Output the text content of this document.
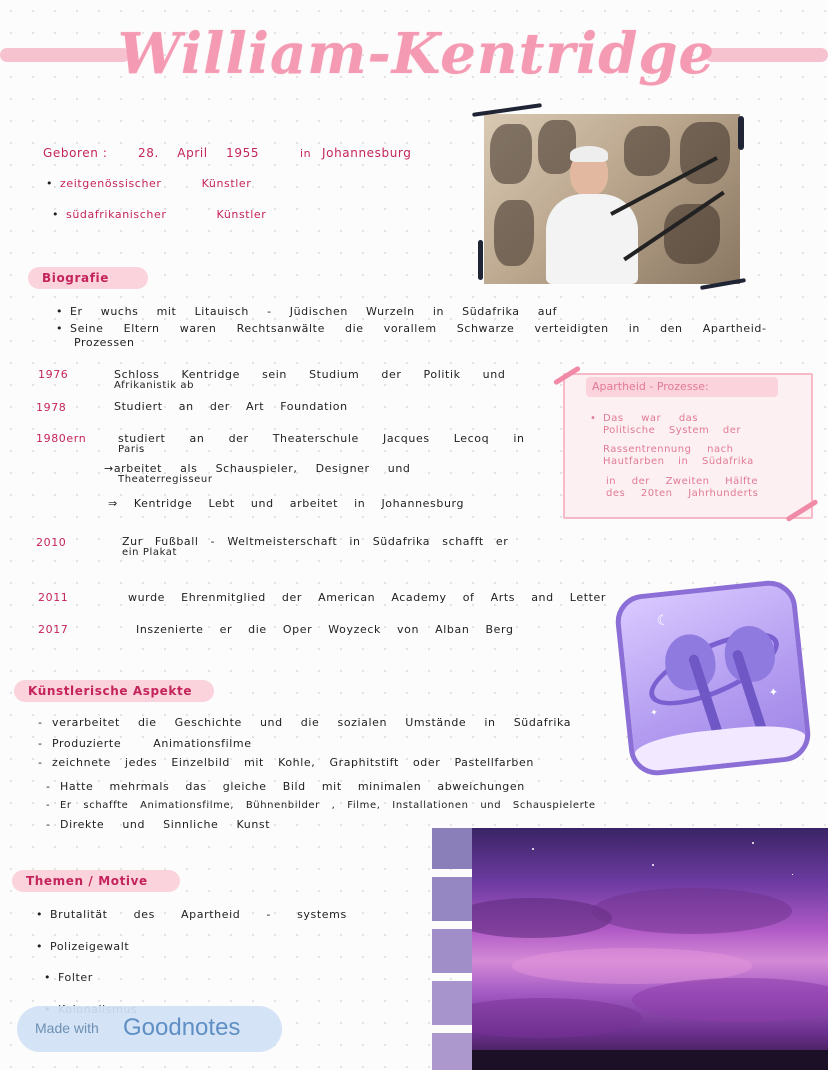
William-Kentridge
Geboren :	28. April 1955	in Johannesburg
• zeitgenössischer Künstler
• südafrikanischer Künstler
Biografie
• Er wuchs mit Litauisch - Jüdischen Wurzeln in Südafrika auf
• Seine Eltern waren Rechtsanwälte die vorallem Schwarze verteidigten in den Apartheid-
Prozessen
1976	Schloss Kentridge sein Studium der Politik und
Afrikanistik ab
1978	Studiert an der Art Foundation
1980ern	studiert an der Theaterschule Jacques Lecoq in
Paris
→arbeitet als Schauspieler, Designer und
Theaterregisseur
⇒ Kentridge Lebt und arbeitet in Johannesburg
2010	Zur Fußball - Weltmeisterschaft in Südafrika schafft er
ein Plakat
2011	wurde Ehrenmitglied der American Academy of Arts and Letter
2017	Inszenierte er die Oper Woyzeck von Alban Berg
Apartheid - Prozesse:
Das war das
•
Politische System der
Rassentrennung nach
Hautfarben in Südafrika
in der Zweiten Hälfte
des 20ten Jahrhunderts
☾
✦
✦
Künstlerische Aspekte
- verarbeitet die Geschichte und die sozialen Umstände in Südafrika
- Produzierte Animationsfilme
- zeichnete jedes Einzelbild mit Kohle, Graphitstift oder Pastellfarben
- Hatte mehrmals das gleiche Bild mit minimalen abweichungen
- Er schaffte Animationsfilme, Bühnenbilder , Filme, Installationen und Schauspielerte
- Direkte und Sinnliche Kunst
Themen / Motive
• Brutalität des Apartheid - systems
• Polizeigewalt
• Folter
•
Made with Goodnotes
